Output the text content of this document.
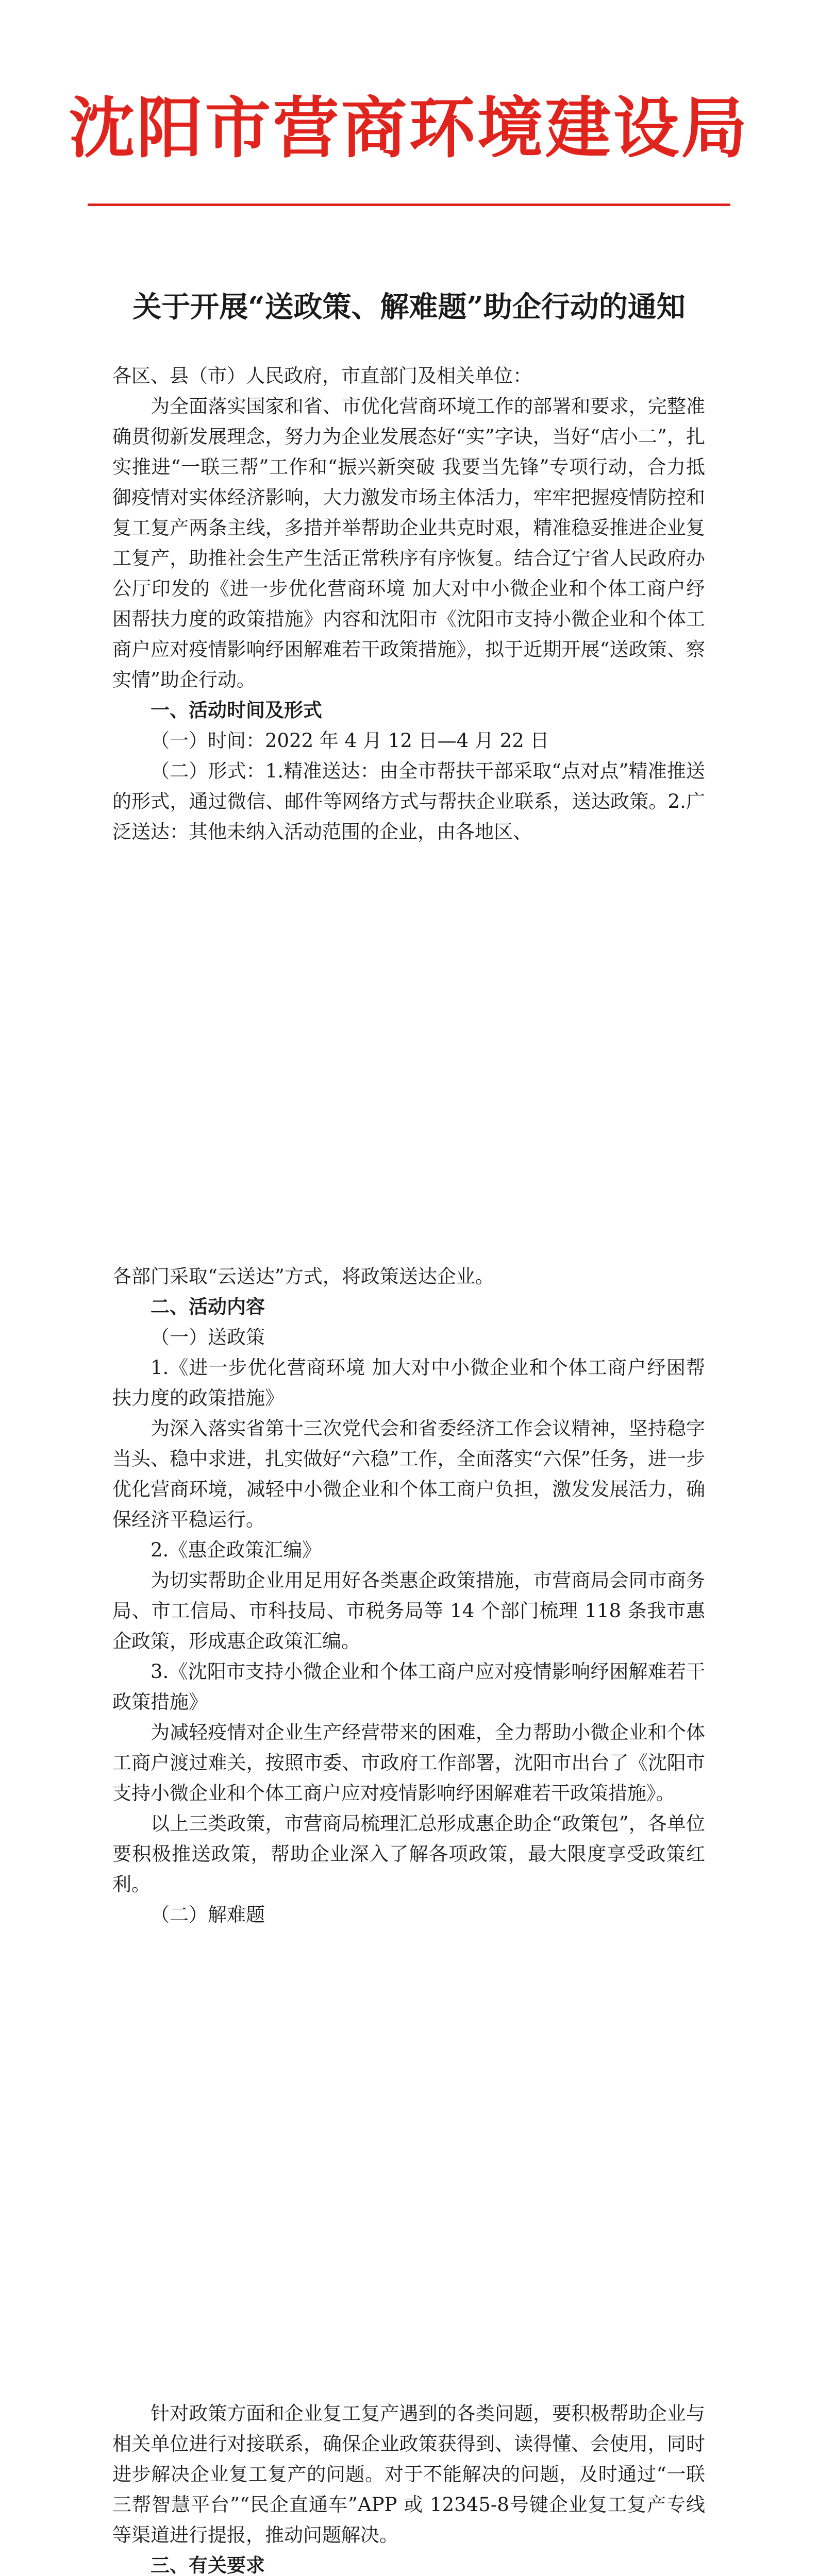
沈阳市营商环境建设局
关于开展“送政策、解难题”助企行动的通知

各区、县（市）人民政府，市直部门及相关单位：

为全面落实国家和省、市优化营商环境工作的部署和要求，完整准确贯彻新发展理念，努力为企业发展态好“实”字诀，当好“店小二”，扎实推进“一联三帮”工作和“振兴新突破 我要当先锋”专项行动，合力抵御疫情对实体经济影响，大力激发市场主体活力，牢牢把握疫情防控和复工复产两条主线，多措并举帮助企业共克时艰，精准稳妥推进企业复工复产，助推社会生产生活正常秩序有序恢复。结合辽宁省人民政府办公厅印发的《进一步优化营商环境 加大对中小微企业和个体工商户纾困帮扶力度的政策措施》内容和沈阳市《沈阳市支持小微企业和个体工商户应对疫情影响纾困解难若干政策措施》，拟于近期开展“送政策、察实情”助企行动。

一、活动时间及形式

（一）时间：2022 年 4 月 12 日—4 月 22 日

（二）形式：1.精准送达：由全市帮扶干部采取“点对点”精准推送的形式，通过微信、邮件等网络方式与帮扶企业联系，送达政策。2.广泛送达：其他未纳入活动范围的企业，由各地区、

各部门采取“云送达”方式，将政策送达企业。

二、活动内容

（一）送政策

1.《进一步优化营商环境 加大对中小微企业和个体工商户纾困帮扶力度的政策措施》

为深入落实省第十三次党代会和省委经济工作会议精神，坚持稳字当头、稳中求进，扎实做好“六稳”工作，全面落实“六保”任务，进一步优化营商环境，减轻中小微企业和个体工商户负担，激发发展活力，确保经济平稳运行。

2.《惠企政策汇编》

为切实帮助企业用足用好各类惠企政策措施，市营商局会同市商务局、市工信局、市科技局、市税务局等 14 个部门梳理 118 条我市惠企政策，形成惠企政策汇编。

3.《沈阳市支持小微企业和个体工商户应对疫情影响纾困解难若干政策措施》

为减轻疫情对企业生产经营带来的困难，全力帮助小微企业和个体工商户渡过难关，按照市委、市政府工作部署，沈阳市出台了《沈阳市支持小微企业和个体工商户应对疫情影响纾困解难若干政策措施》。

以上三类政策，市营商局梳理汇总形成惠企助企“政策包”，各单位要积极推送政策，帮助企业深入了解各项政策，最大限度享受政策红利。

（二）解难题

针对政策方面和企业复工复产遇到的各类问题，要积极帮助企业与相关单位进行对接联系，确保企业政策获得到、读得懂、会使用，同时进步解决企业复工复产的问题。对于不能解决的问题，及时通过“一联三帮智慧平台”“民企直通车”APP 或 12345-8号键企业复工复产专线等渠道进行提报，推动问题解决。

三、有关要求
